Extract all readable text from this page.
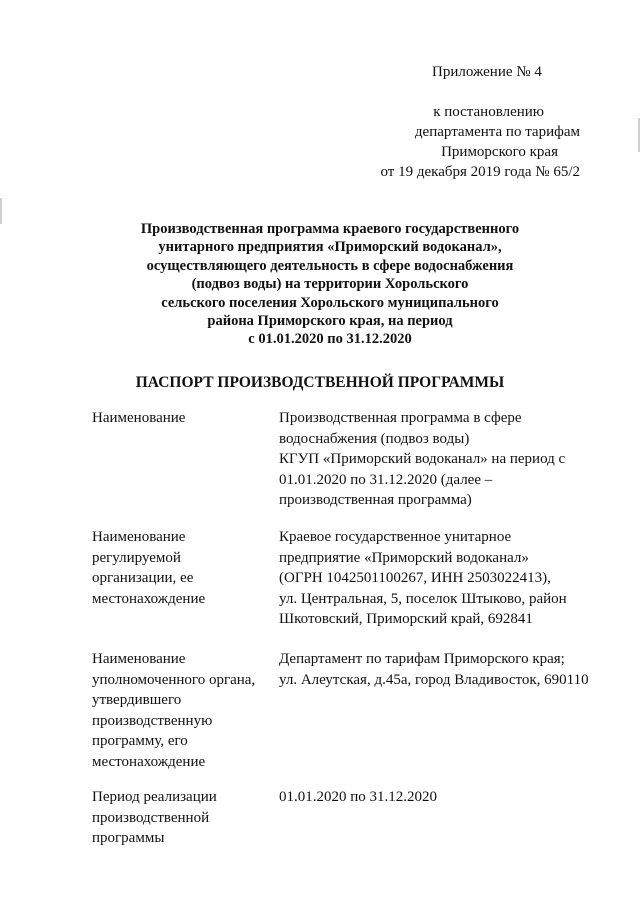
Приложение № 4
к постановлению
департамента по тарифам
Приморского края
от 19 декабря 2019 года № 65/2
Производственная программа краевого государственного
унитарного предприятия «Приморский водоканал»,
осуществляющего деятельность в сфере водоснабжения
(подвоз воды) на территории Хорольского
сельского поселения Хорольского муниципального
района Приморского края, на период
с 01.01.2020 по 31.12.2020
ПАСПОРТ ПРОИЗВОДСТВЕННОЙ ПРОГРАММЫ
Наименование	Производственная программа в сфере
водоснабжения (подвоз воды)
КГУП «Приморский водоканал» на период с
01.01.2020 по 31.12.2020 (далее –
производственная программа)
Наименование
регулируемой
организации, ее
местонахождение
Краевое государственное унитарное
предприятие «Приморский водоканал»
(ОГРН 1042501100267, ИНН 2503022413),
ул. Центральная, 5, поселок Штыково, район
Шкотовский, Приморский край, 692841
Наименование
уполномоченного органа,
утвердившего
производственную
программу, его
местонахождение
Департамент по тарифам Приморского края;
ул. Алеутская, д.45а, город Владивосток, 690110
Период реализации
производственной
программы
01.01.2020 по 31.12.2020
